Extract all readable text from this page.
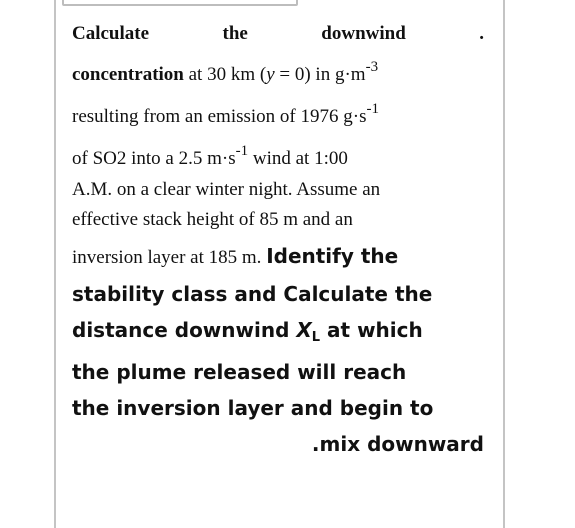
Calculate	the	downwind	.
concentration at 30 km (y = 0) in $g\cdot m^{-3}$
resulting from an emission of 1976 $g\cdot s^{-1}$
of SO2 into a 2.5 $m\cdot s^{-1}$ wind at 1:00
A.M. on a clear winter night. Assume an
effective stack height of 85 m and an
inversion layer at 185 m. Identify the
stability class and Calculate the
distance downwind $X_L$ at which
the plume released will reach
the inversion layer and begin to
.mix downward
